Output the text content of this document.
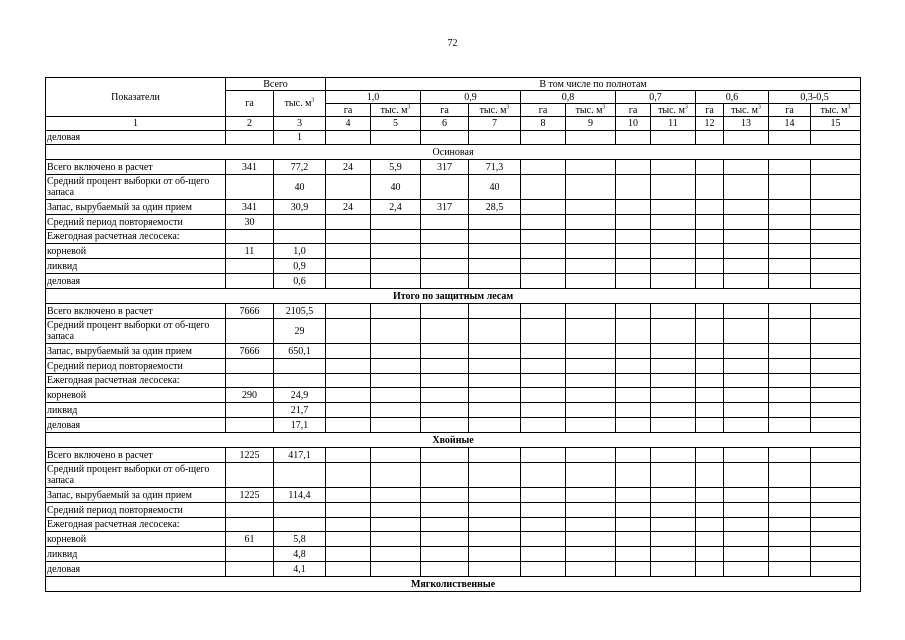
72
Показатели	Всего		В том числе по полнотам											
	га	тыс. $м^3$	1,0		0,9		0,8		0,7		0,6		0,3-0,5	
			га	тыс. $м^3$	га	тыс. $м^3$	га	тыс. $м^3$	га	тыс. $м^3$	га	тыс. $м^3$	га	тыс. $м^3$
1	2	3	4	5	6	7	8	9	10	11	12	13	14	15
деловая		1												
Осиновая														
Всего включено в расчет	341	77,2	24	5,9	317	71,3								
Средний процент выборки от об-щего запаса		40		40		40								
Запас, вырубаемый за один прием	341	30,9	24	2,4	317	28,5								
Средний период повторяемости	30													
Ежегодная расчетная лесосека:														
корневой	11	1,0												
ликвид		0,9												
деловая		0,6												
Итого по защитным лесам														
Всего включено в расчет	7666	2105,5												
Средний процент выборки от об-щего запаса		29												
Запас, вырубаемый за один прием	7666	650,1												
Средний период повторяемости														
Ежегодная расчетная лесосека:														
корневой	290	24,9												
ликвид		21,7												
деловая		17,1												
Хвойные														
Всего включено в расчет	1225	417,1												
Средний процент выборки от об-щего запаса														
Запас, вырубаемый за один прием	1225	114,4												
Средний период повторяемости														
Ежегодная расчетная лесосека:														
корневой	61	5,8												
ликвид		4,8												
деловая		4,1												
Мягколиственные														
